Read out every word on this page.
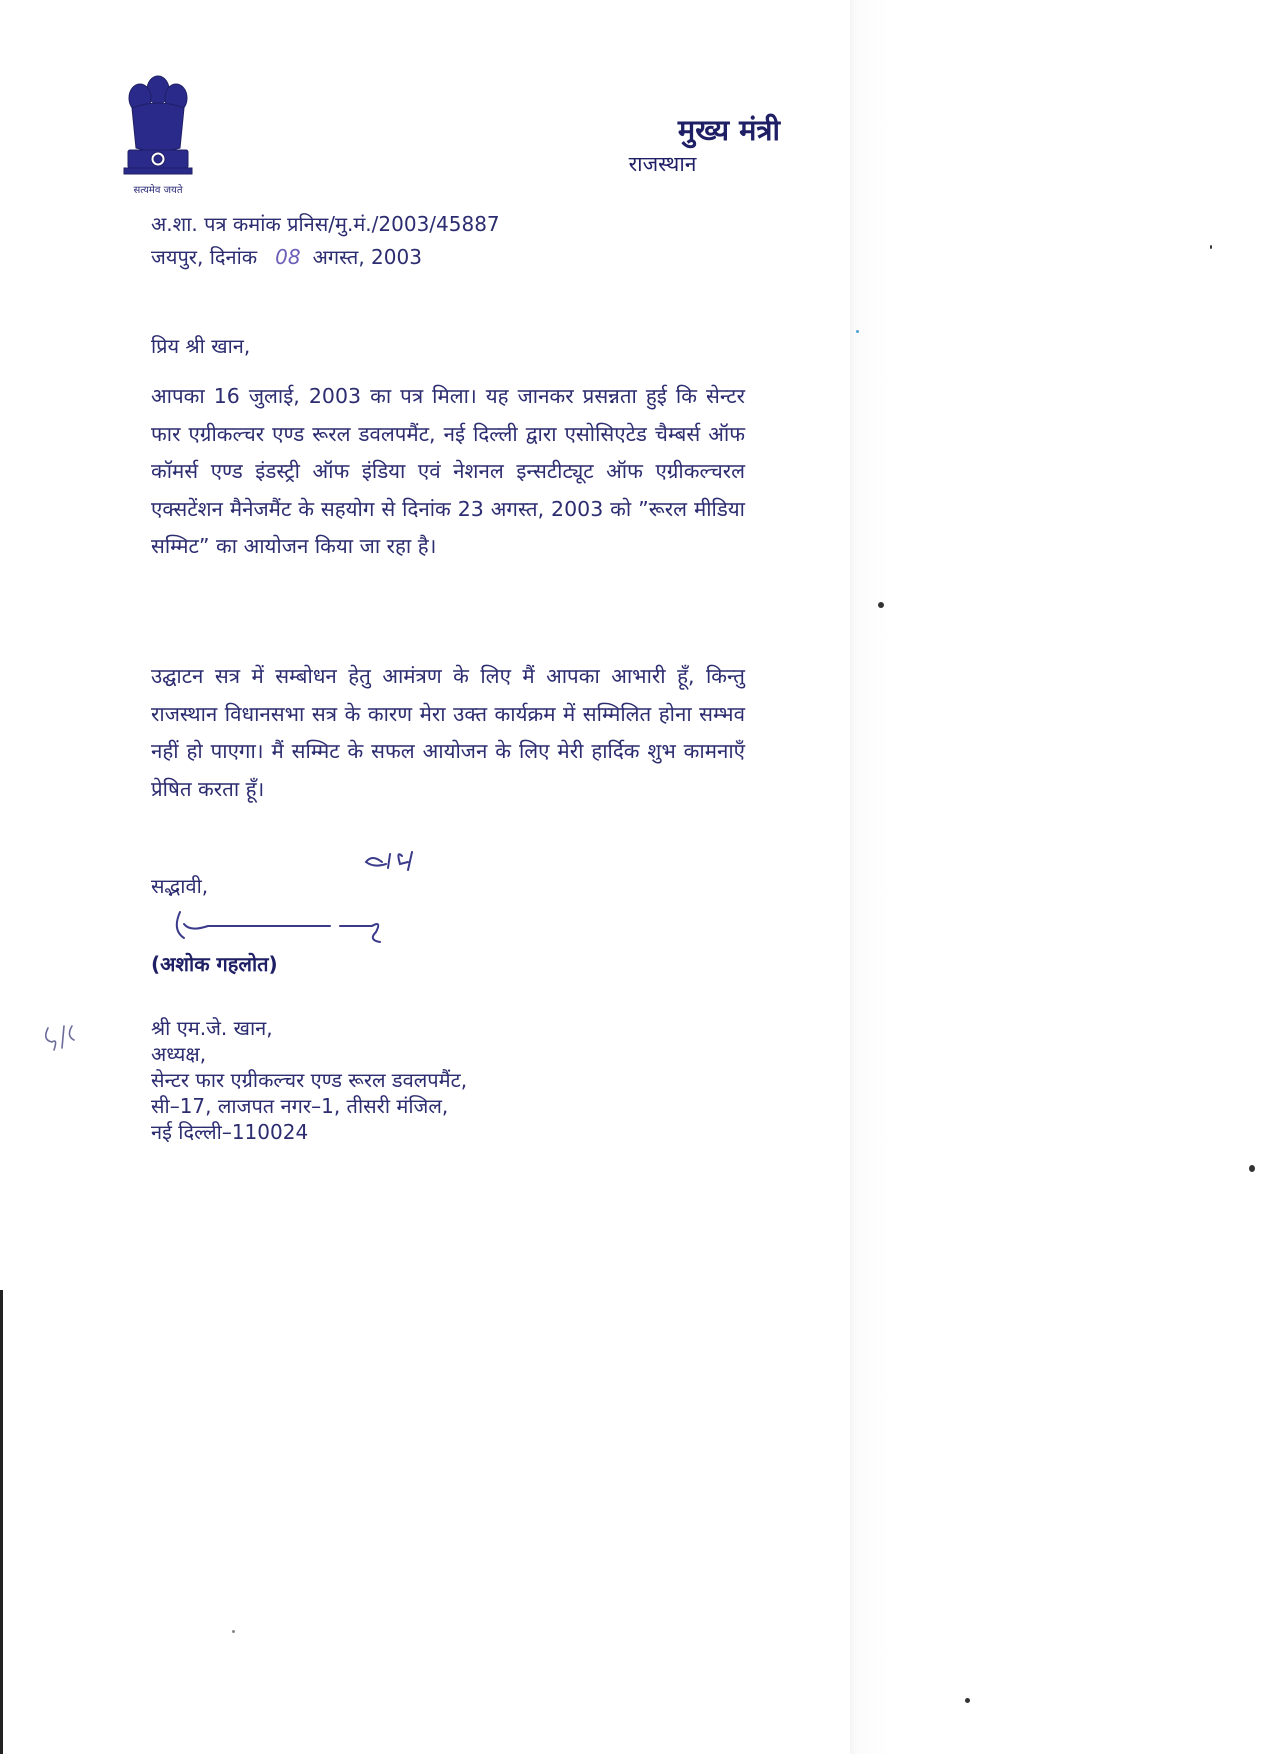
सत्यमेव जयते
मुख्य मंत्री
राजस्थान
अ.शा. पत्र कमांक प्रनिस/मु.मं./2003/45887
जयपुर, दिनांक 08 अगस्त, 2003
प्रिय श्री खान,

आपका 16 जुलाई, 2003 का पत्र मिला। यह जानकर प्रसन्नता हुई कि सेन्टर फार एग्रीकल्चर एण्ड रूरल डवलपमैंट, नई दिल्ली द्वारा एसोसिएटेड चैम्बर्स ऑफ कॉमर्स एण्ड इंडस्ट्री ऑफ इंडिया एवं नेशनल इन्सटीट्यूट ऑफ एग्रीकल्चरल एक्सटेंशन मैनेजमैंट के सहयोग से दिनांक 23 अगस्त, 2003 को ”रूरल मीडिया सम्मिट” का आयोजन किया जा रहा है।

उद्घाटन सत्र में सम्बोधन हेतु आमंत्रण के लिए मैं आपका आभारी हूँ, किन्तु राजस्थान विधानसभा सत्र के कारण मेरा उक्त कार्यक्रम में सम्मिलित होना सम्भव नहीं हो पाएगा। मैं सम्मिट के सफल आयोजन के लिए मेरी हार्दिक शुभ कामनाएँ प्रेषित करता हूँ।

सद्भावी,
(अशोक गहलोत)
श्री एम.जे. खान,
अध्यक्ष,
सेन्टर फार एग्रीकल्चर एण्ड रूरल डवलपमैंट,
सी–17, लाजपत नगर–1, तीसरी मंजिल,
नई दिल्ली–110024
